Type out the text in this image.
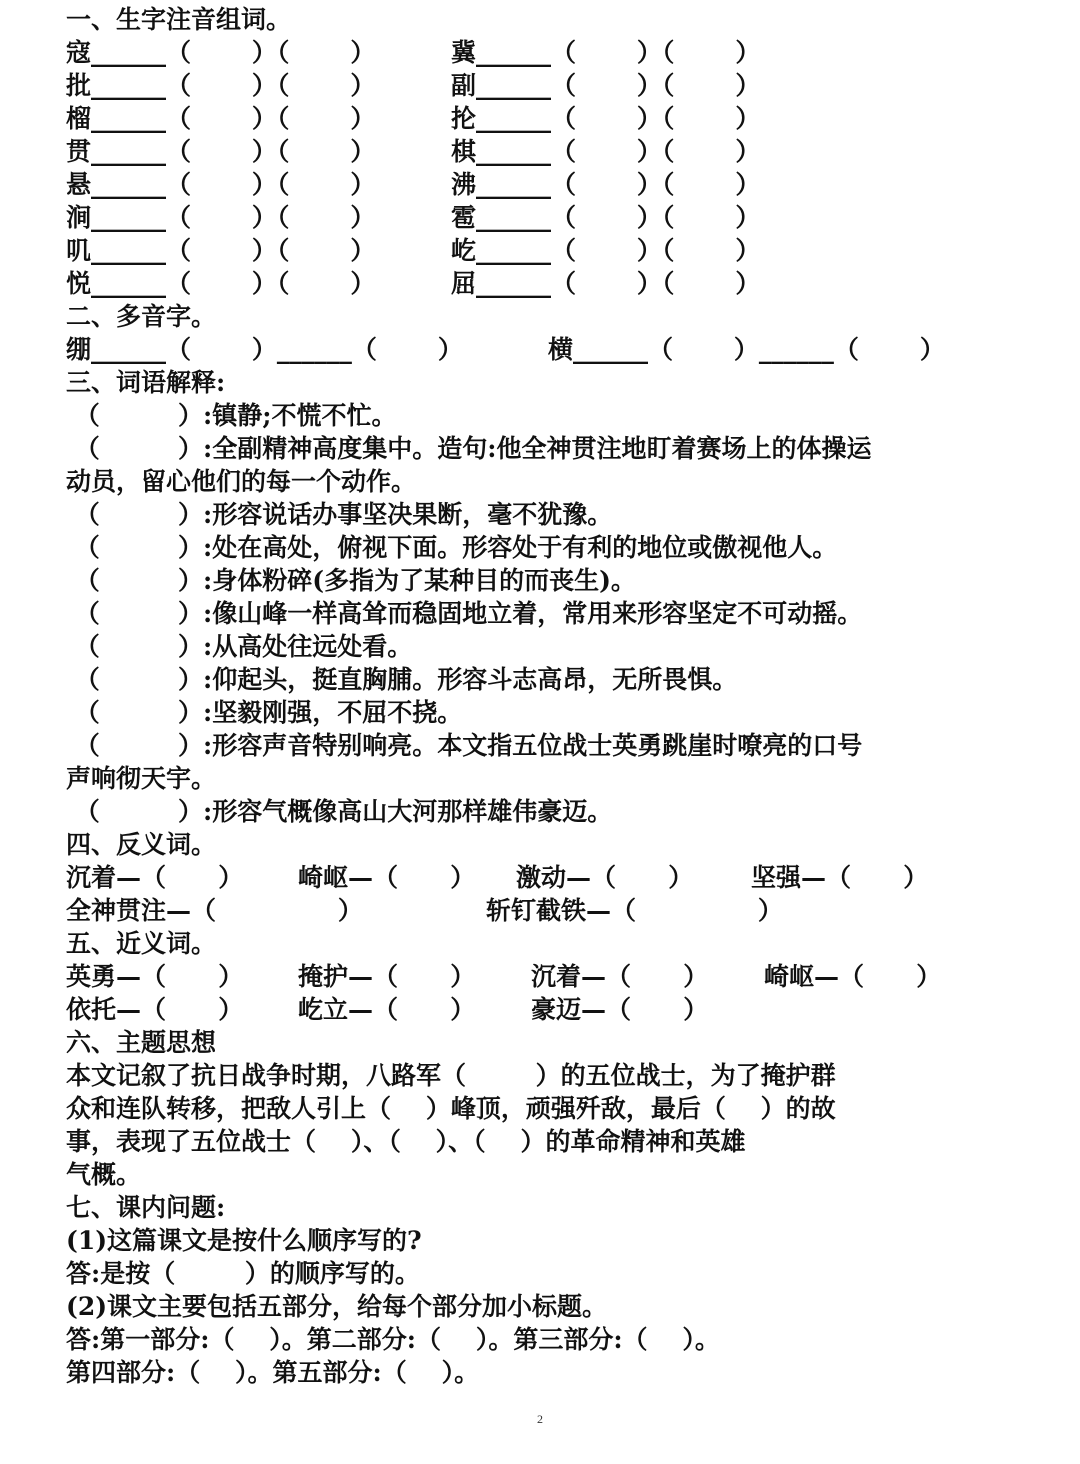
一、生字注音组词。
寇______（       ）（       ）	冀______（       ）（       ）
批______（       ）（       ）	副______（       ）（       ）
榴______（       ）（       ）	抡______（       ）（       ）
贯______（       ）（       ）	棋______（       ）（       ）
悬______（       ）（       ）	沸______（       ）（       ）
涧______（       ）（       ）	雹______（       ）（       ）
叽______（       ）（       ）	屹______（       ）（       ）
悦______（       ）（       ）	屈______（       ）（       ）
二、多音字。
绷______（       ）______（       ）	横______（       ）______（       ）
三、词语解释:
（         ）:镇静;不慌不忙。
（         ）:全副精神高度集中。造句:他全神贯注地盯着赛场上的体操运
动员，留心他们的每一个动作。
（         ）:形容说话办事坚决果断，毫不犹豫。
（         ）:处在高处，俯视下面。形容处于有利的地位或傲视他人。
（         ）:身体粉碎(多指为了某种目的而丧生)。
（         ）:像山峰一样高耸而稳固地立着，常用来形容坚定不可动摇。
（         ）:从高处往远处看。
（         ）:仰起头，挺直胸脯。形容斗志高昂，无所畏惧。
（         ）:坚毅刚强，不屈不挠。
（         ）:形容声音特别响亮。本文指五位战士英勇跳崖时嘹亮的口号
声响彻天宇。
（         ）:形容气概像高山大河那样雄伟豪迈。
四、反义词。
沉着—（      ） 崎岖—（      ） 激动—（      ） 坚强—（      ）
全神贯注—（              ）	斩钉截铁—（              ）
五、近义词。
英勇—（      ） 掩护—（      ） 沉着—（      ） 崎岖—（      ）
依托—（      ） 屹立—（      ） 豪迈—（      ）
六、主题思想
本文记叙了抗日战争时期，八路军（        ）的五位战士，为了掩护群
众和连队转移，把敌人引上（    ）峰顶，顽强歼敌，最后（    ）的故
事，表现了五位战士（    ）、（    ）、（    ）的革命精神和英雄
气概。
七、课内问题:
(1)这篇课文是按什么顺序写的?
答:是按（        ）的顺序写的。
(2)课文主要包括五部分，给每个部分加小标题。
答:第一部分:（    ）。第二部分:（    ）。第三部分:（    ）。
第四部分:（    ）。第五部分:（    ）。
2
